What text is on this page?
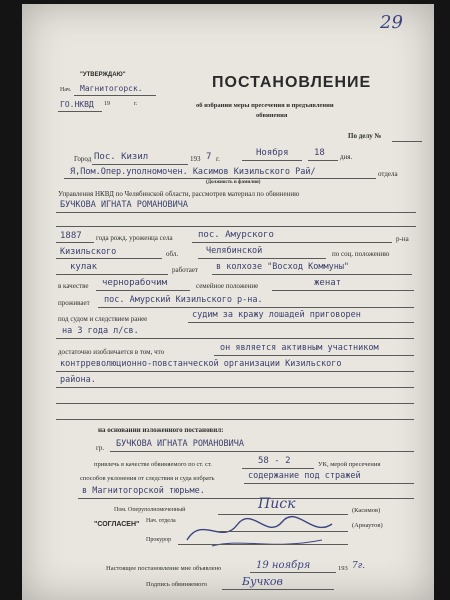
29
"УТВЕРЖДАЮ"
Нач. Магнитогорск.
ГО.НКВД 19	г.
ПОСТАНОВЛЕНИЕ
об избрании меры пресечения и предъявлении
обвинения
По делу №
Город Пос. Кизил	193 7 г.
Ноября	18 дня.
Я,Пом.Опер.уполномочен. Касимов Кизильского Рай/	отдела
(Должность и фамилия)
Управления НКВД по Челябинской области, рассмотрев материал по обвинению
БУЧКОВА ИГНАТА РОМАНОВИЧА
1887 года рожд. уроженца села	пос. Амурского	р-на
Кизильского	обл.	Челябинской	по соц. положению
кулак	работает в колхозе "Восход Коммуны"
в качестве чернорабочим	семейное положение	женат
проживает пос. Амурский Кизильского р-на.
под судом и следствием ранее	судим за кражу лошадей приговорен
на 3 года л/св.
достаточно изобличается в том, что	он является активным участником
контрреволюционно-повстанческой организации Кизильского
района.
на основании изложенного постановил:
гр. БУЧКОВА ИГНАТА РОМАНОВИЧА
привлечь в качестве обвиняемого по ст. ст.	58 - 2	УК, мерой пресечения
способов уклонения от следствия и суда избрать	содержание под стражей
в Магнитогорской тюрьме.
Пом. Оперуполномоченный	Писк	(Касимов)
"СОГЛАСЕН" Нач. отдела
(Арнаутов)
Прокурор
Настоящее постановление мне объявлено	19 ноября	193 7г.
Подпись обвиняемого	Бучков
